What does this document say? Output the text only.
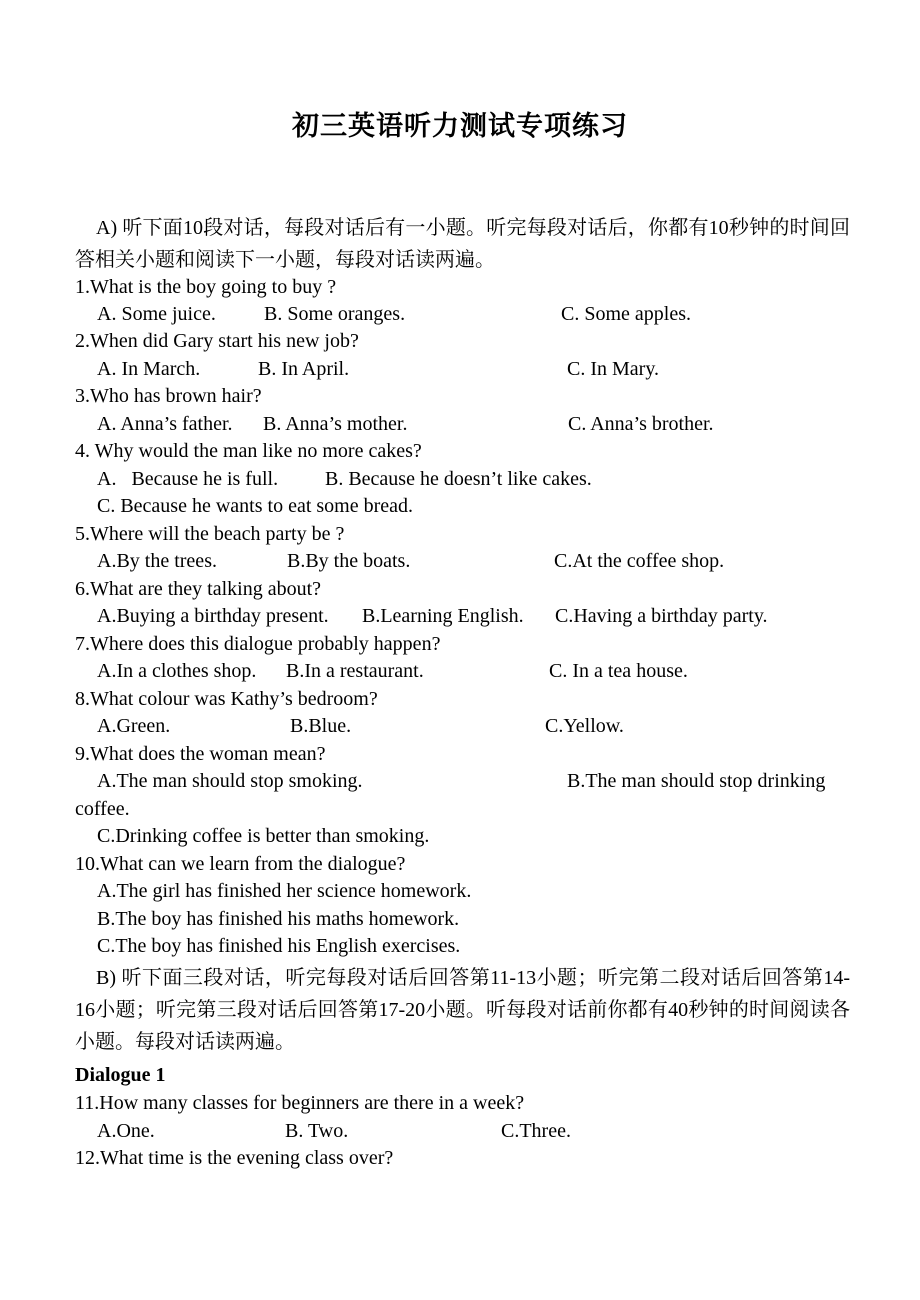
初三英语听力测试专项练习
A) 听下面10段对话，每段对话后有一小题。听完每段对话后，你都有10秒钟的时间回答相关小题和阅读下一小题，每段对话读两遍。
1.What is the boy going to buy ?
A. Some juice. B. Some oranges.	C. Some apples.
2.When did Gary start his new job?
A. In March.	B. In April.	C. In Mary.
3.Who has brown hair?
A. Anna’s father. B. Anna’s mother.	C. Anna’s brother.
4. Why would the man like no more cakes?
A.   Because he is full. B. Because he doesn’t like cakes.
C. Because he wants to eat some bread.
5.Where will the beach party be ?
A.By the trees.	B.By the boats.	C.At the coffee shop.
6.What are they talking about?
A.Buying a birthday present. B.Learning English. C.Having a birthday party.
7.Where does this dialogue probably happen?
A.In a clothes shop. B.In a restaurant.	C. In a tea house.
8.What colour was Kathy’s bedroom?
A.Green.	B.Blue.	C.Yellow.
9.What does the woman mean?
A.The man should stop smoking.	B.The man should stop drinking
coffee.
C.Drinking coffee is better than smoking.
10.What can we learn from the dialogue?
A.The girl has finished her science homework.
B.The boy has finished his maths homework.
C.The boy has finished his English exercises.
B) 听下面三段对话，听完每段对话后回答第11-13小题；听完第二段对话后回答第14-16小题；听完第三段对话后回答第17-20小题。听每段对话前你都有40秒钟的时间阅读各小题。每段对话读两遍。
Dialogue 1
11.How many classes for beginners are there in a week?
A.One.	B. Two.	C.Three.
12.What time is the evening class over?
